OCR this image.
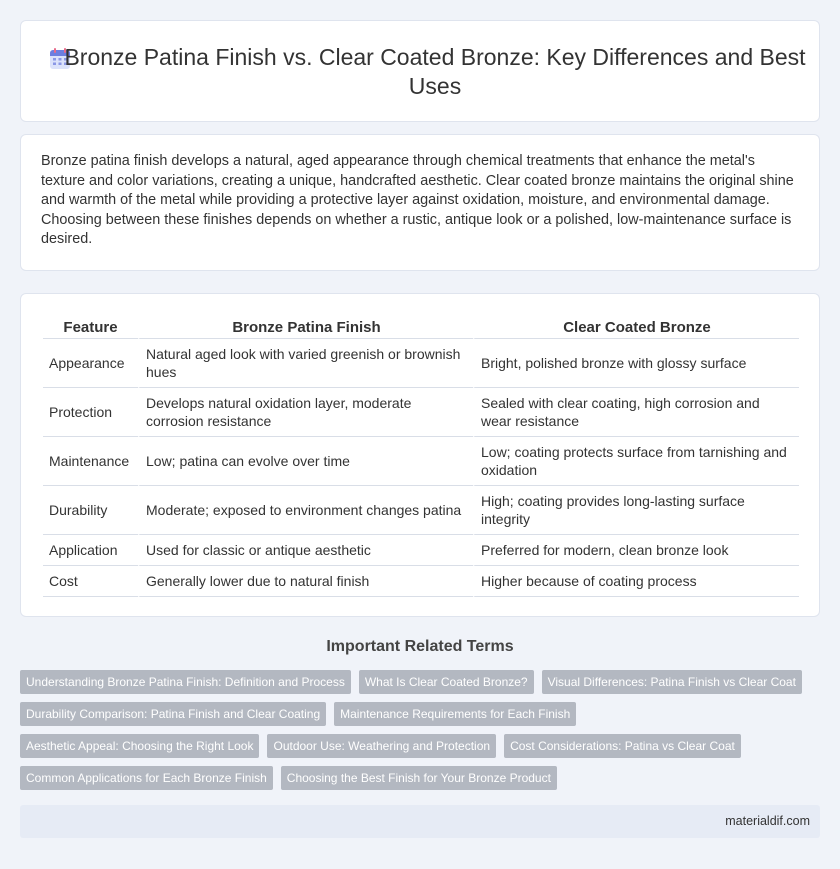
Bronze Patina Finish vs. Clear Coated Bronze: Key Differences and Best Uses

Bronze patina finish develops a natural, aged appearance through chemical treatments that enhance the metal's texture and color variations, creating a unique, handcrafted aesthetic. Clear coated bronze maintains the original shine and warmth of the metal while providing a protective layer against oxidation, moisture, and environmental damage. Choosing between these finishes depends on whether a rustic, antique look or a polished, low-maintenance surface is desired.

Feature	Bronze Patina Finish	Clear Coated Bronze
Appearance	Natural aged look with varied greenish or brownish hues	Bright, polished bronze with glossy surface
Protection	Develops natural oxidation layer, moderate corrosion resistance	Sealed with clear coating, high corrosion and wear resistance
Maintenance	Low; patina can evolve over time	Low; coating protects surface from tarnishing and oxidation
Durability	Moderate; exposed to environment changes patina	High; coating provides long-lasting surface integrity
Application	Used for classic or antique aesthetic	Preferred for modern, clean bronze look
Cost	Generally lower due to natural finish	Higher because of coating process
Important Related Terms
Understanding Bronze Patina Finish: Definition and Process	What Is Clear Coated Bronze?	Visual Differences: Patina Finish vs Clear Coat
Durability Comparison: Patina Finish and Clear Coating	Maintenance Requirements for Each Finish
Aesthetic Appeal: Choosing the Right Look	Outdoor Use: Weathering and Protection	Cost Considerations: Patina vs Clear Coat
Common Applications for Each Bronze Finish	Choosing the Best Finish for Your Bronze Product
materialdif.com
